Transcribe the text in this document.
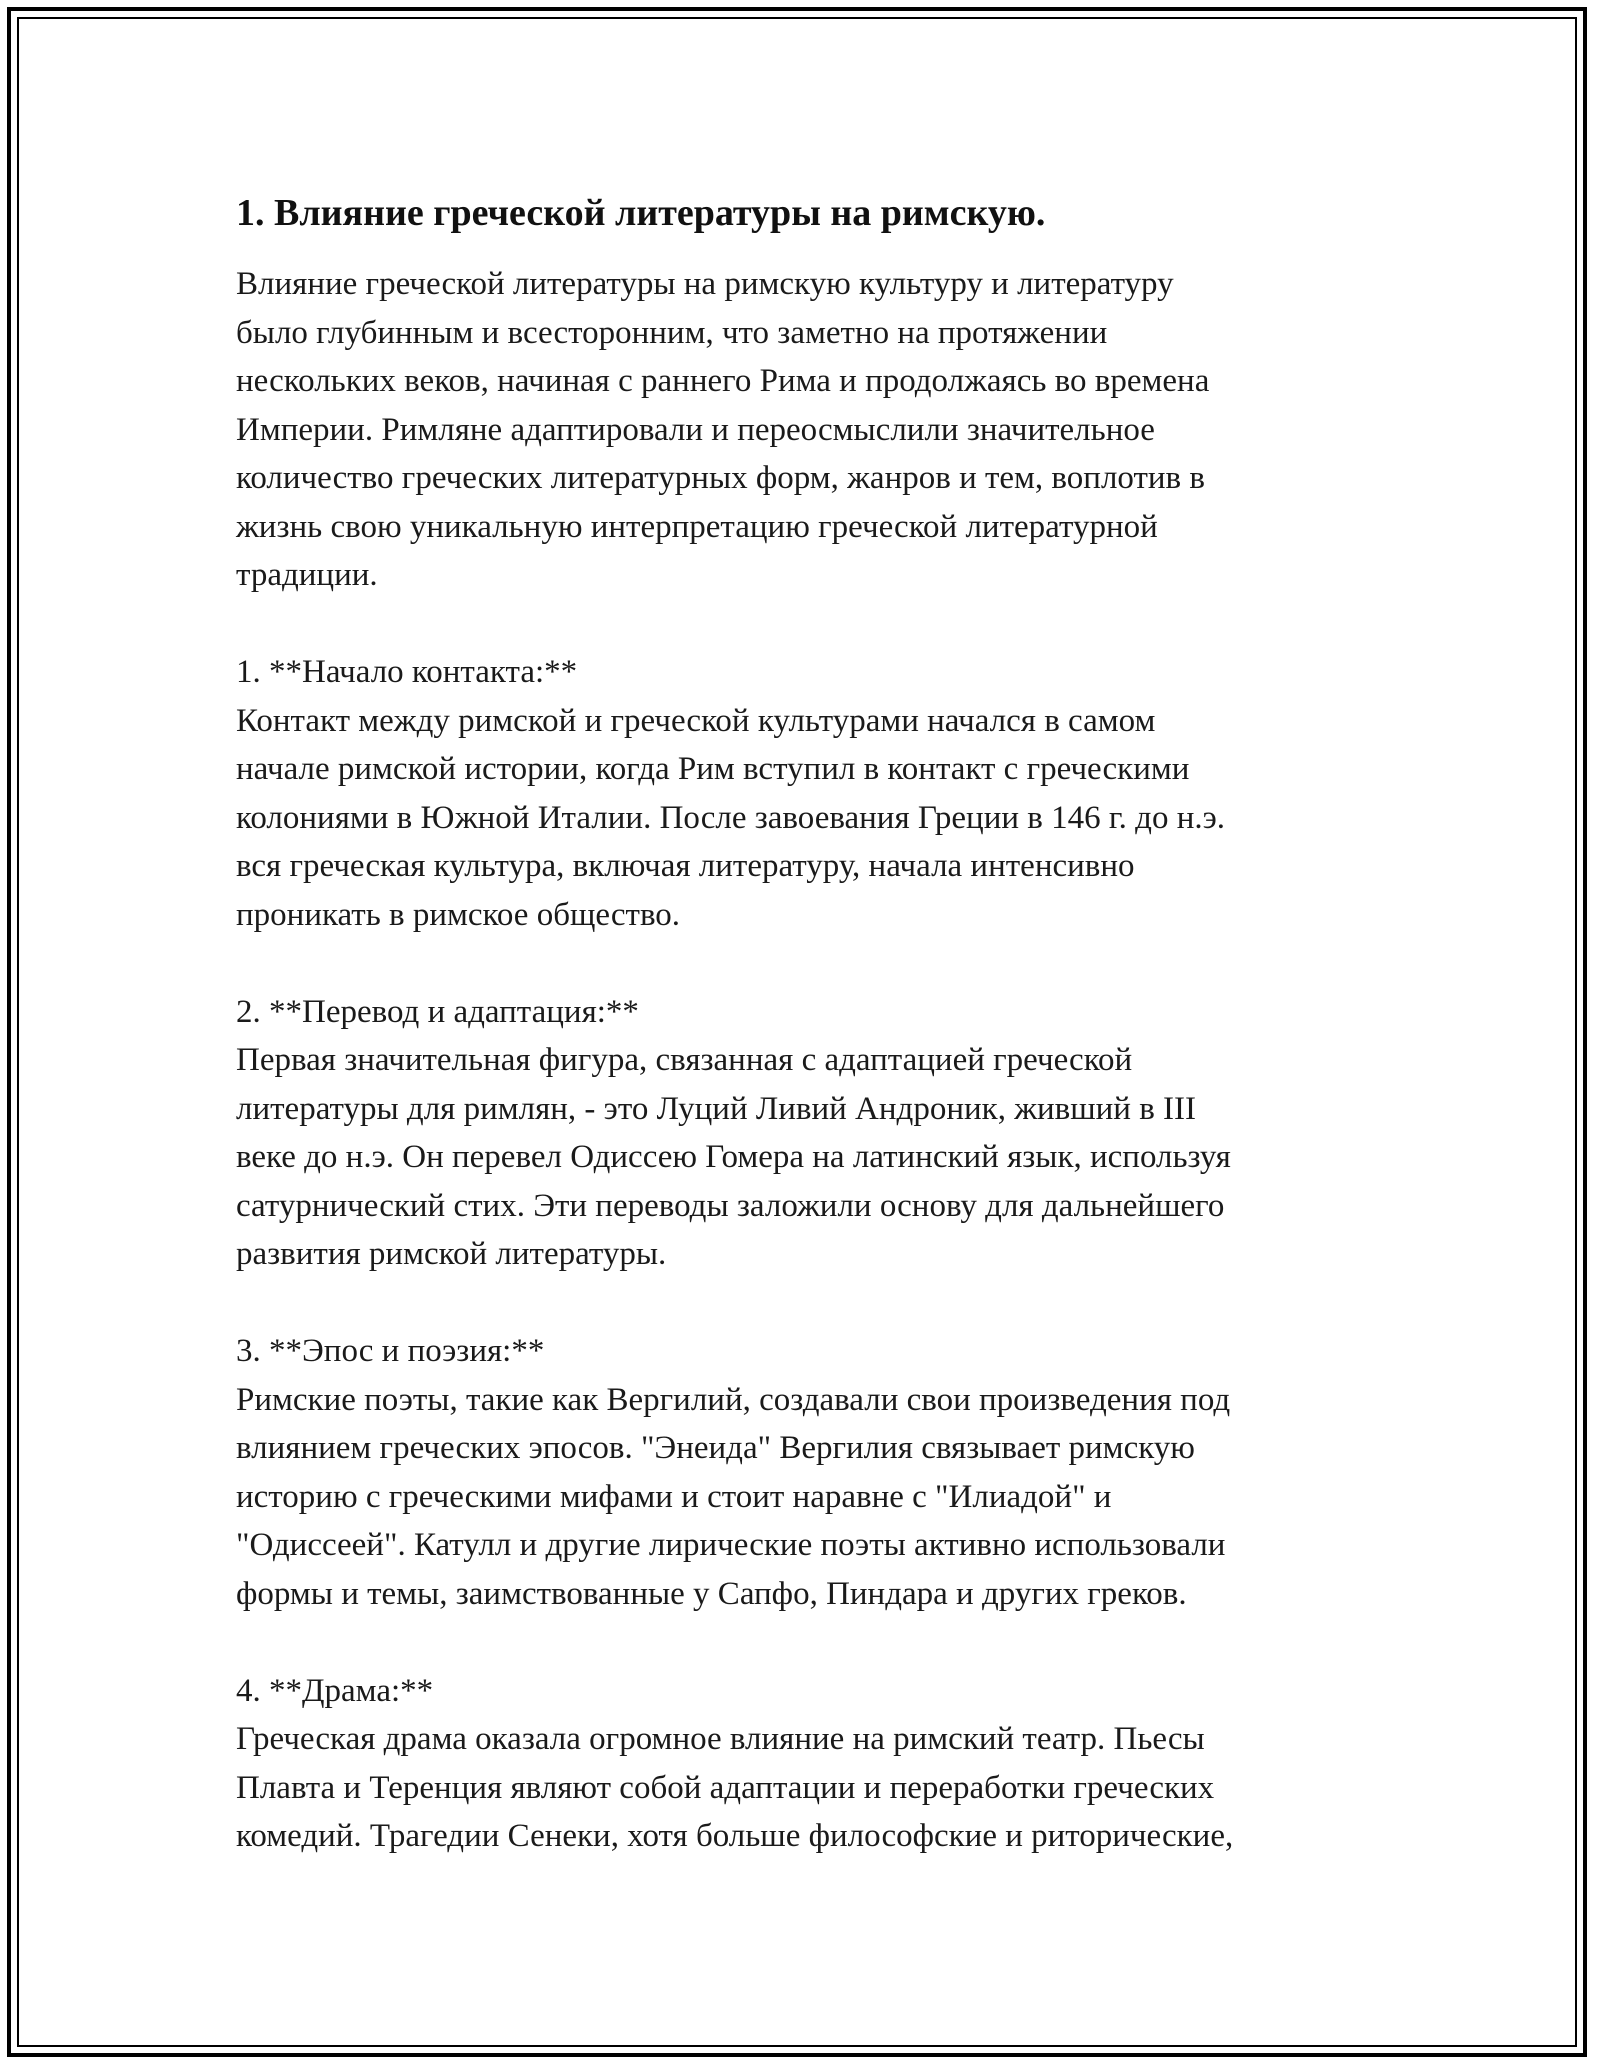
1. Влияние греческой литературы на римскую.

Влияние греческой литературы на римскую культуру и литературу
было глубинным и всесторонним, что заметно на протяжении
нескольких веков, начиная с раннего Рима и продолжаясь во времена
Империи. Римляне адаптировали и переосмыслили значительное
количество греческих литературных форм, жанров и тем, воплотив в
жизнь свою уникальную интерпретацию греческой литературной
традиции.

1. **Начало контакта:**

Контакт между римской и греческой культурами начался в самом
начале римской истории, когда Рим вступил в контакт с греческими
колониями в Южной Италии. После завоевания Греции в 146 г. до н.э.
вся греческая культура, включая литературу, начала интенсивно
проникать в римское общество.

2. **Перевод и адаптация:**

Первая значительная фигура, связанная с адаптацией греческой
литературы для римлян, - это Луций Ливий Андроник, живший в III
веке до н.э. Он перевел Одиссею Гомера на латинский язык, используя
сатурнический стих. Эти переводы заложили основу для дальнейшего
развития римской литературы.

3. **Эпос и поэзия:**

Римские поэты, такие как Вергилий, создавали свои произведения под
влиянием греческих эпосов. "Энеида" Вергилия связывает римскую
историю с греческими мифами и стоит наравне с "Илиадой" и
"Одиссеей". Катулл и другие лирические поэты активно использовали
формы и темы, заимствованные у Сапфо, Пиндара и других греков.

4. **Драма:**

Греческая драма оказала огромное влияние на римский театр. Пьесы
Плавта и Теренция являют собой адаптации и переработки греческих
комедий. Трагедии Сенеки, хотя больше философские и риторические,
